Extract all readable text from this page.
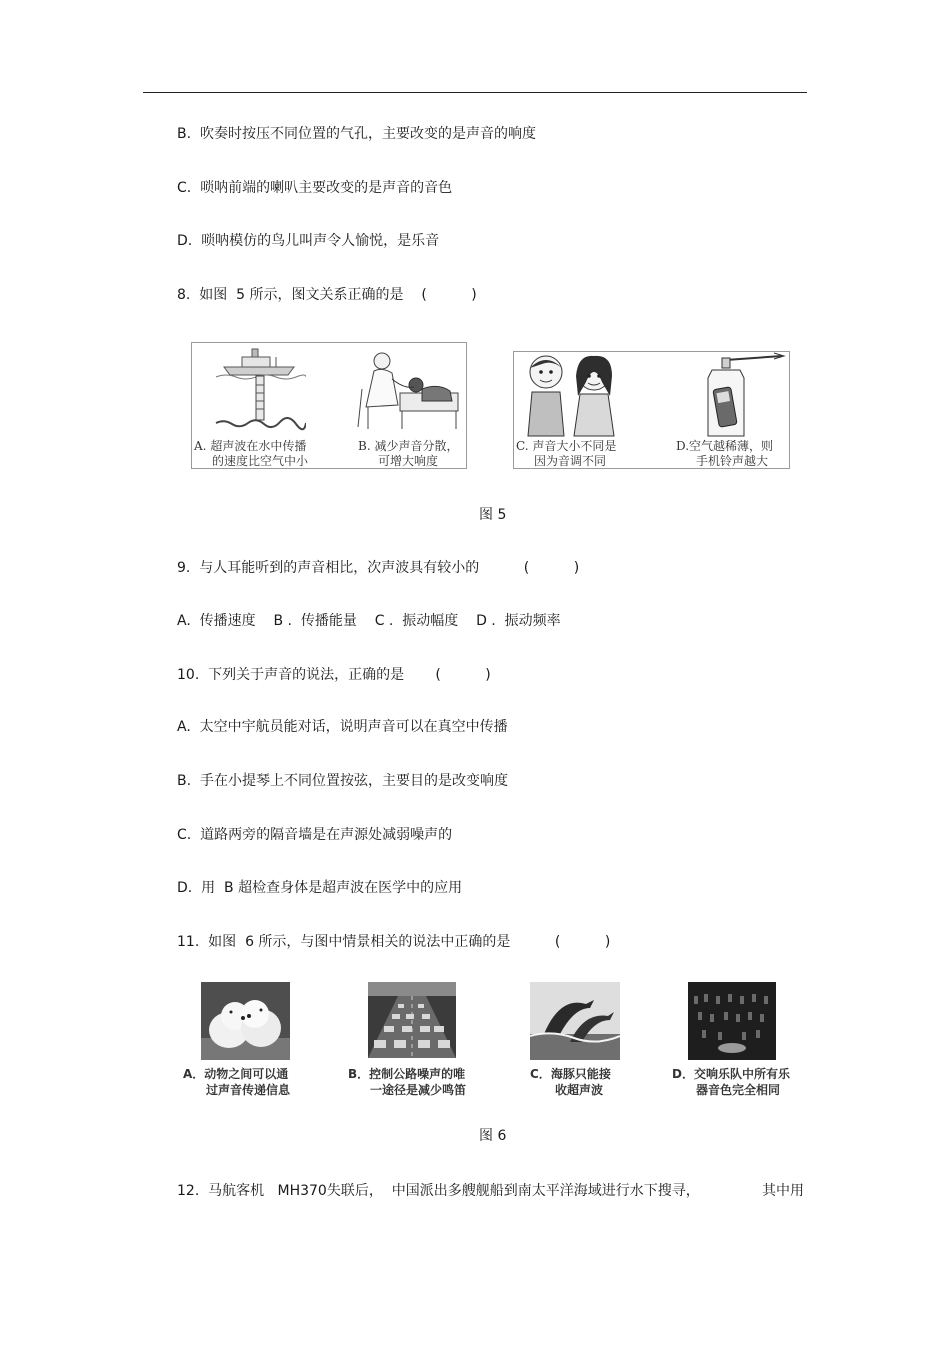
B.  吹奏时按压不同位置的气孔，主要改变的是声音的响度
C.  唢呐前端的喇叭主要改变的是声音的音色
D.  唢呐模仿的鸟儿叫声令人愉悦，是乐音
8.  如图  5 所示，图文关系正确的是    (          )
A. 超声波在水中传播
的速度比空气中小
B. 减少声音分散，
可增大响度
C. 声音大小不同是
因为音调不同
D.空气越稀薄，则
手机铃声越大
图 5
9.  与人耳能听到的声音相比，次声波具有较小的          (          )
A.  传播速度    B .  传播能量    C .  振动幅度    D .  振动频率
10.  下列关于声音的说法，正确的是       (          )
A.  太空中宇航员能对话，说明声音可以在真空中传播
B.  手在小提琴上不同位置按弦，主要目的是改变响度
C.  道路两旁的隔音墙是在声源处减弱噪声的
D.  用  B 超检查身体是超声波在医学中的应用
11.  如图  6 所示，与图中情景相关的说法中正确的是          (          )
A．动物之间可以通
过声音传递信息
B．控制公路噪声的唯
一途径是减少鸣笛
C．海豚只能接
收超声波
D．交响乐队中所有乐
器音色完全相同
图 6
12.  马航客机   MH370失联后，  中国派出多艘舰船到南太平洋海域进行水下搜寻，              其中用
